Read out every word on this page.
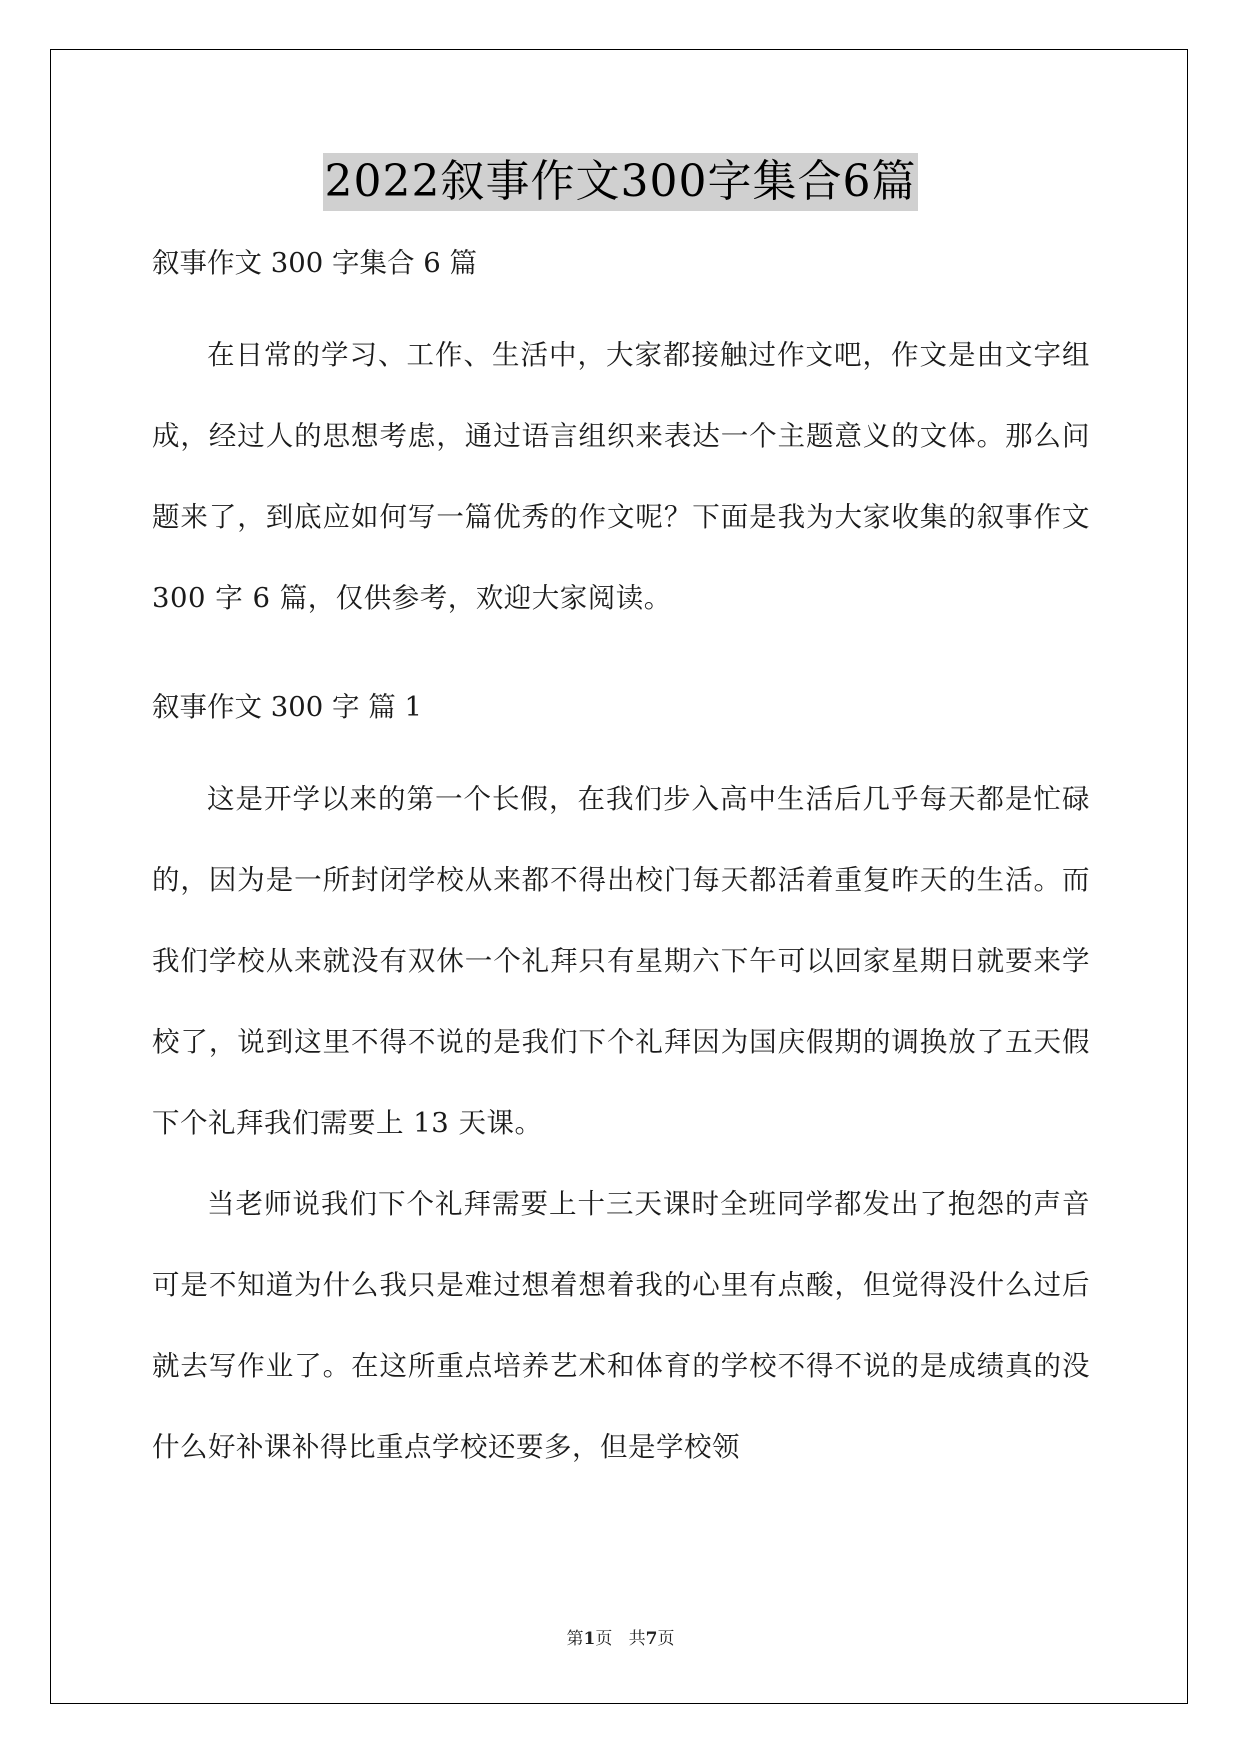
2022叙事作文300字集合6篇

叙事作文 300 字集合 6 篇

在日常的学习、工作、生活中，大家都接触过作文吧，作文是由文字组成，经过人的思想考虑，通过语言组织来表达一个主题意义的文体。那么问题来了，到底应如何写一篇优秀的作文呢？下面是我为大家收集的叙事作文 300 字 6 篇，仅供参考，欢迎大家阅读。

叙事作文 300 字 篇 1

这是开学以来的第一个长假，在我们步入高中生活后几乎每天都是忙碌的，因为是一所封闭学校从来都不得出校门每天都活着重复昨天的生活。而我们学校从来就没有双休一个礼拜只有星期六下午可以回家星期日就要来学校了，说到这里不得不说的是我们下个礼拜因为国庆假期的调换放了五天假下个礼拜我们需要上 13 天课。

当老师说我们下个礼拜需要上十三天课时全班同学都发出了抱怨的声音可是不知道为什么我只是难过想着想着我的心里有点酸，但觉得没什么过后就去写作业了。在这所重点培养艺术和体育的学校不得不说的是成绩真的没什么好补课补得比重点学校还要多，但是学校领

第1页 共7页
